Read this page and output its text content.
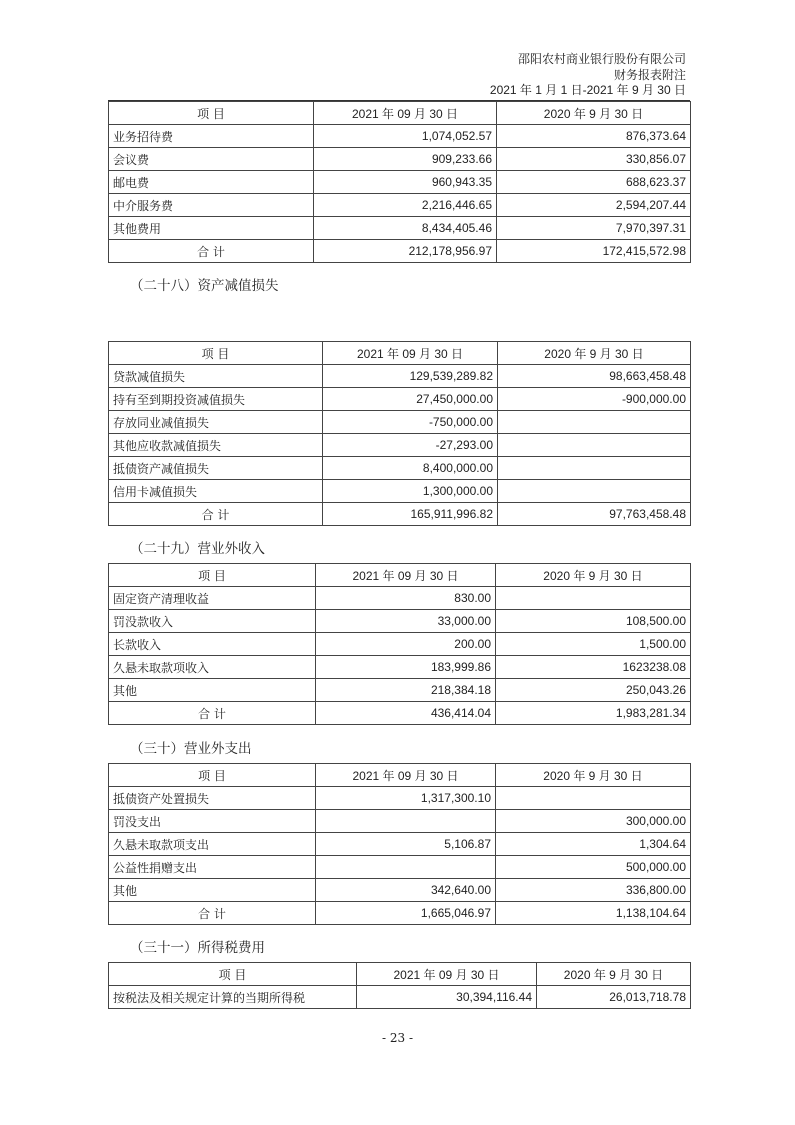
邵阳农村商业银行股份有限公司
财务报表附注
2021 年 1 月 1 日-2021 年 9 月 30 日
项 目	2021 年 09 月 30 日	2020 年 9 月 30 日
业务招待费	1,074,052.57	876,373.64
会议费	909,233.66	330,856.07
邮电费	960,943.35	688,623.37
中介服务费	2,216,446.65	2,594,207.44
其他费用	8,434,405.46	7,970,397.31
合 计	212,178,956.97	172,415,572.98
（二十八）资产减值损失
项 目	2021 年 09 月 30 日	2020 年 9 月 30 日
贷款减值损失	129,539,289.82	98,663,458.48
持有至到期投资减值损失	27,450,000.00	-900,000.00
存放同业减值损失	-750,000.00	
其他应收款减值损失	-27,293.00	
抵债资产减值损失	8,400,000.00	
信用卡减值损失	1,300,000.00	
合 计	165,911,996.82	97,763,458.48
（二十九）营业外收入
项 目	2021 年 09 月 30 日	2020 年 9 月 30 日
固定资产清理收益	830.00	
罚没款收入	33,000.00	108,500.00
长款收入	200.00	1,500.00
久悬未取款项收入	183,999.86	1623238.08
其他	218,384.18	250,043.26
合 计	436,414.04	1,983,281.34
（三十）营业外支出
项 目	2021 年 09 月 30 日	2020 年 9 月 30 日
抵债资产处置损失	1,317,300.10	
罚没支出		300,000.00
久悬未取款项支出	5,106.87	1,304.64
公益性捐赠支出		500,000.00
其他	342,640.00	336,800.00
合 计	1,665,046.97	1,138,104.64
（三十一）所得税费用
项 目	2021 年 09 月 30 日	2020 年 9 月 30 日
按税法及相关规定计算的当期所得税	30,394,116.44	26,013,718.78
- 23 -
